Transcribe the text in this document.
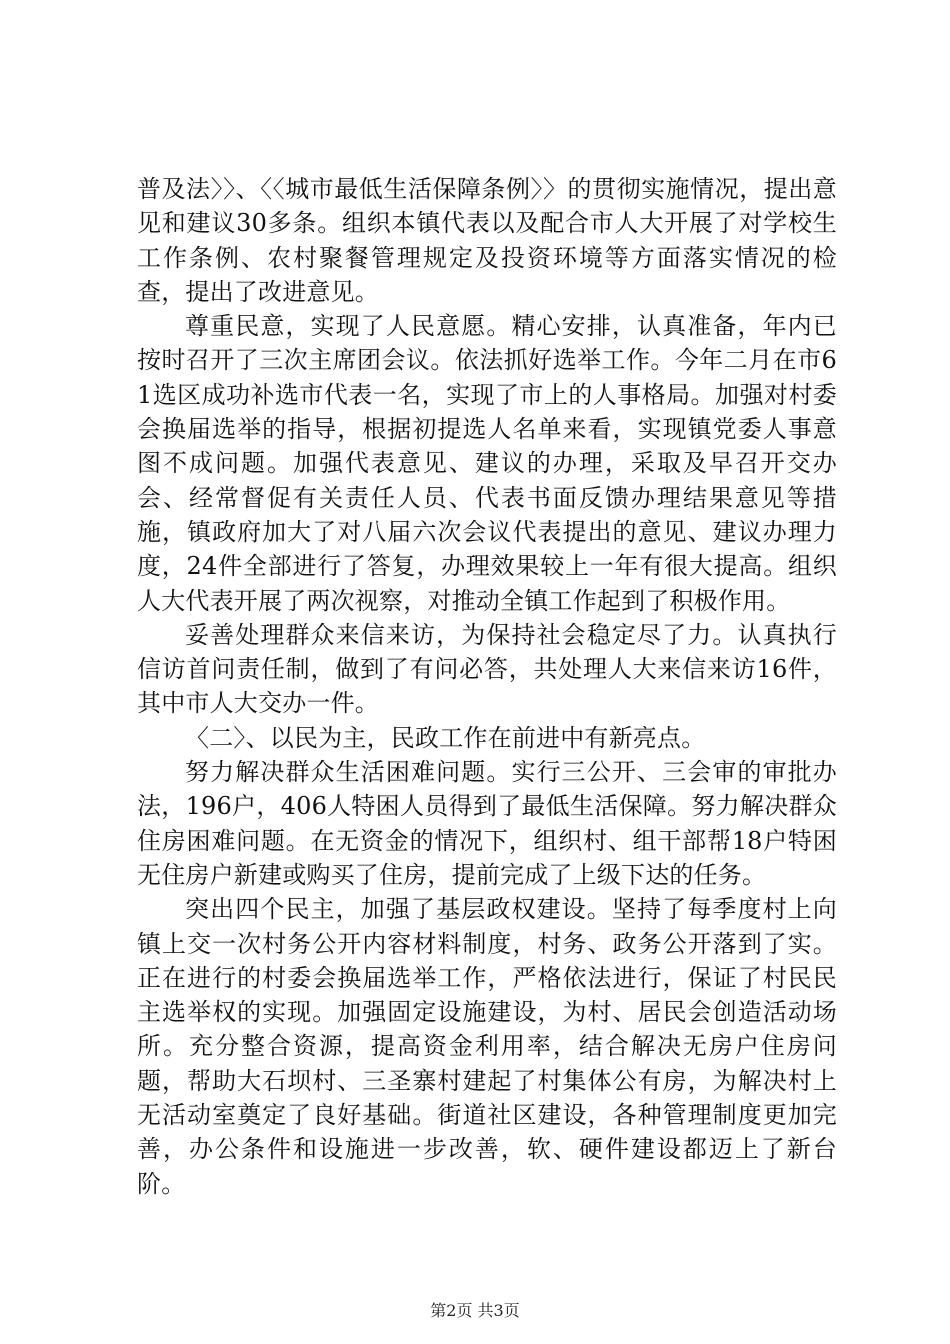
普及法〉〉、〈〈城市最低生活保障条例〉〉的贯彻实施情况，提出意见和建议30多条。组织本镇代表以及配合市人大开展了对学校生工作条例、农村聚餐管理规定及投资环境等方面落实情况的检查，提出了改进意见。

尊重民意，实现了人民意愿。精心安排，认真准备，年内已按时召开了三次主席团会议。依法抓好选举工作。今年二月在市61选区成功补选市代表一名，实现了市上的人事格局。加强对村委会换届选举的指导，根据初提选人名单来看，实现镇党委人事意图不成问题。加强代表意见、建议的办理，采取及早召开交办会、经常督促有关责任人员、代表书面反馈办理结果意见等措施，镇政府加大了对八届六次会议代表提出的意见、建议办理力度，24件全部进行了答复，办理效果较上一年有很大提高。组织人大代表开展了两次视察，对推动全镇工作起到了积极作用。

妥善处理群众来信来访，为保持社会稳定尽了力。认真执行信访首问责任制，做到了有问必答，共处理人大来信来访16件，其中市人大交办一件。

〈二〉、以民为主，民政工作在前进中有新亮点。

努力解决群众生活困难问题。实行三公开、三会审的审批办法，196户，406人特困人员得到了最低生活保障。努力解决群众住房困难问题。在无资金的情况下，组织村、组干部帮18户特困无住房户新建或购买了住房，提前完成了上级下达的任务。

突出四个民主，加强了基层政权建设。坚持了每季度村上向镇上交一次村务公开内容材料制度，村务、政务公开落到了实。正在进行的村委会换届选举工作，严格依法进行，保证了村民民主选举权的实现。加强固定设施建设，为村、居民会创造活动场所。充分整合资源，提高资金利用率，结合解决无房户住房问题，帮助大石坝村、三圣寨村建起了村集体公有房，为解决村上无活动室奠定了良好基础。街道社区建设，各种管理制度更加完善，办公条件和设施进一步改善，软、硬件建设都迈上了新台阶。

第2页 共3页
